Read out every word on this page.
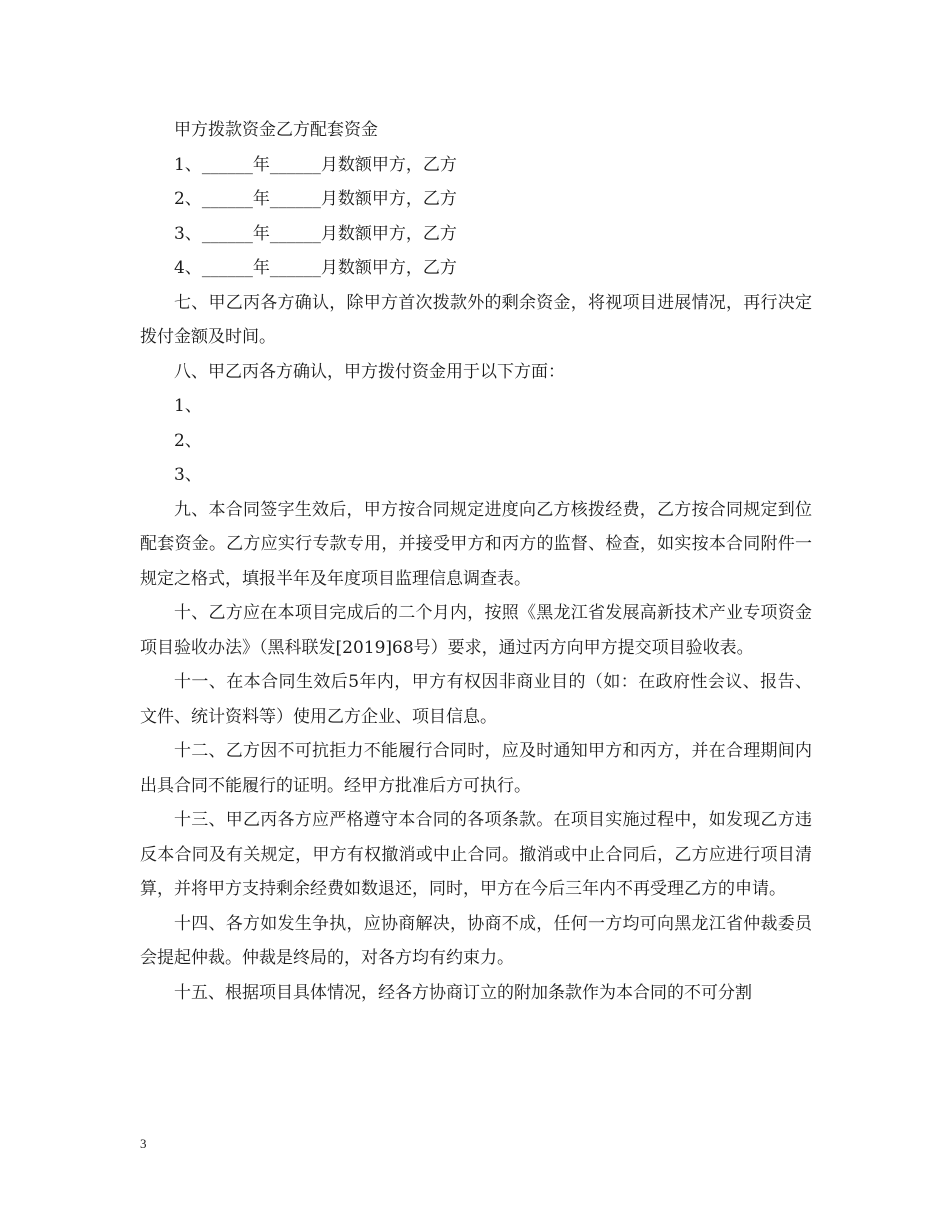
甲方拨款资金乙方配套资金

1、______年______月数额甲方，乙方

2、______年______月数额甲方，乙方

3、______年______月数额甲方，乙方

4、______年______月数额甲方，乙方

七、甲乙丙各方确认，除甲方首次拨款外的剩余资金，将视项目进展情况，再行决定拨付金额及时间。

八、甲乙丙各方确认，甲方拨付资金用于以下方面：

1、

2、

3、

九、本合同签字生效后，甲方按合同规定进度向乙方核拨经费，乙方按合同规定到位配套资金。乙方应实行专款专用，并接受甲方和丙方的监督、检查，如实按本合同附件一规定之格式，填报半年及年度项目监理信息调查表。

十、乙方应在本项目完成后的二个月内，按照《黑龙江省发展高新技术产业专项资金项目验收办法》（黑科联发[2019]68号）要求，通过丙方向甲方提交项目验收表。

十一、在本合同生效后5年内，甲方有权因非商业目的（如：在政府性会议、报告、文件、统计资料等）使用乙方企业、项目信息。

十二、乙方因不可抗拒力不能履行合同时，应及时通知甲方和丙方，并在合理期间内出具合同不能履行的证明。经甲方批准后方可执行。

十三、甲乙丙各方应严格遵守本合同的各项条款。在项目实施过程中，如发现乙方违反本合同及有关规定，甲方有权撤消或中止合同。撤消或中止合同后，乙方应进行项目清算，并将甲方支持剩余经费如数退还，同时，甲方在今后三年内不再受理乙方的申请。

十四、各方如发生争执，应协商解决，协商不成，任何一方均可向黑龙江省仲裁委员会提起仲裁。仲裁是终局的，对各方均有约束力。

十五、根据项目具体情况，经各方协商订立的附加条款作为本合同的不可分割

3
